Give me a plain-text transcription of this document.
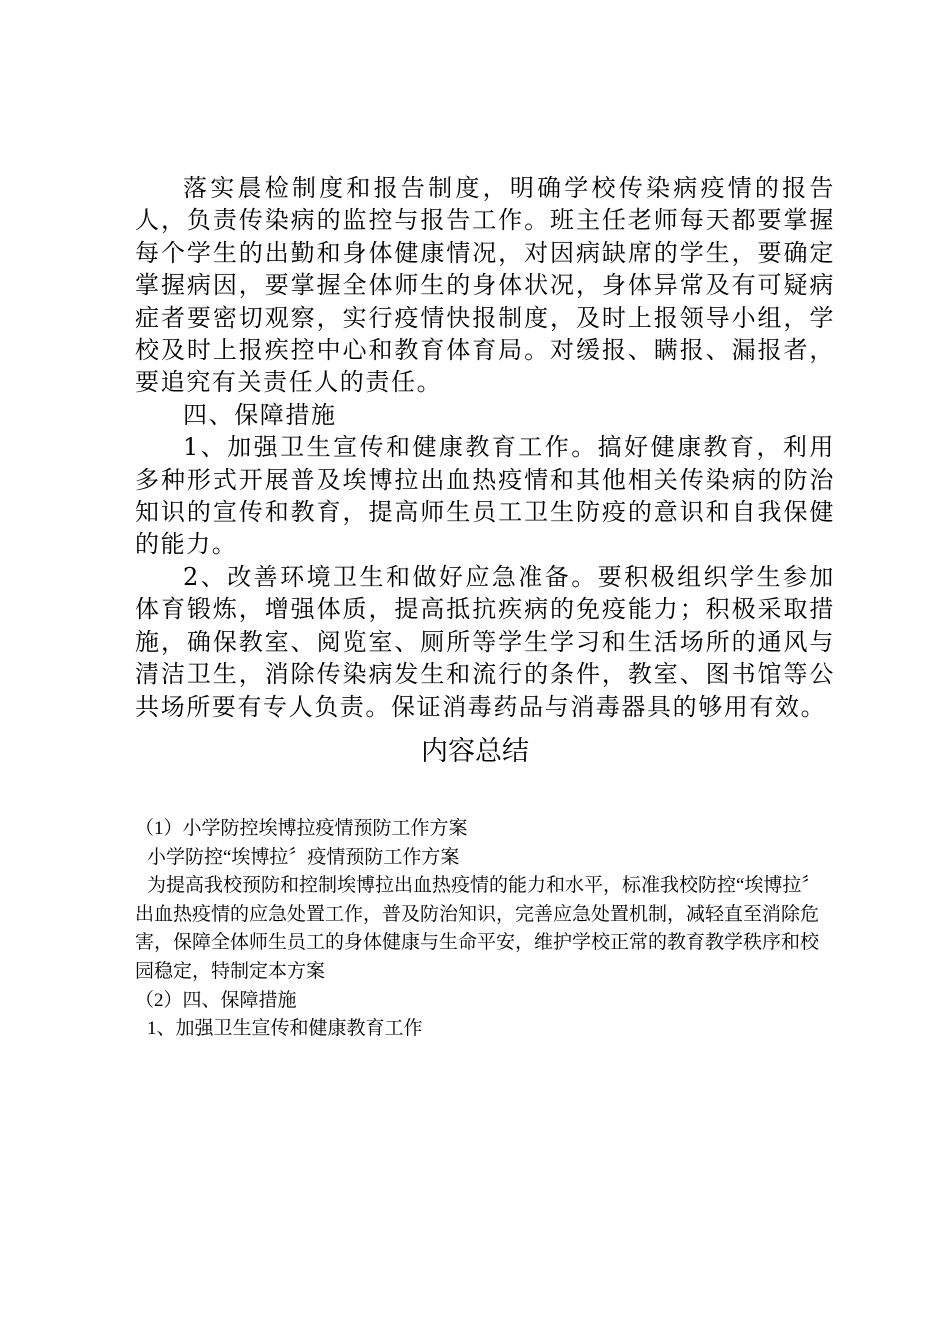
落实晨检制度和报告制度，明确学校传染病疫情的报告人，负责传染病的监控与报告工作。班主任老师每天都要掌握每个学生的出勤和身体健康情况，对因病缺席的学生，要确定掌握病因，要掌握全体师生的身体状况，身体异常及有可疑病症者要密切观察，实行疫情快报制度，及时上报领导小组，学校及时上报疾控中心和教育体育局。对缓报、瞒报、漏报者，要追究有关责任人的责任。

四、保障措施

1、加强卫生宣传和健康教育工作。搞好健康教育，利用多种形式开展普及埃博拉出血热疫情和其他相关传染病的防治知识的宣传和教育，提高师生员工卫生防疫的意识和自我保健的能力。

2、改善环境卫生和做好应急准备。要积极组织学生参加体育锻炼，增强体质，提高抵抗疾病的免疫能力；积极采取措施，确保教室、阅览室、厕所等学生学习和生活场所的通风与清洁卫生，消除传染病发生和流行的条件，教室、图书馆等公共场所要有专人负责。保证消毒药品与消毒器具的够用有效。

内容总结

（1）小学防控埃博拉疫情预防工作方案

小学防控“埃博拉〞疫情预防工作方案

为提高我校预防和控制埃博拉出血热疫情的能力和水平，标准我校防控“埃博拉〞出血热疫情的应急处置工作，普及防治知识，完善应急处置机制，减轻直至消除危害，保障全体师生员工的身体健康与生命平安，维护学校正常的教育教学秩序和校园稳定，特制定本方案

（2）四、保障措施

1、加强卫生宣传和健康教育工作
